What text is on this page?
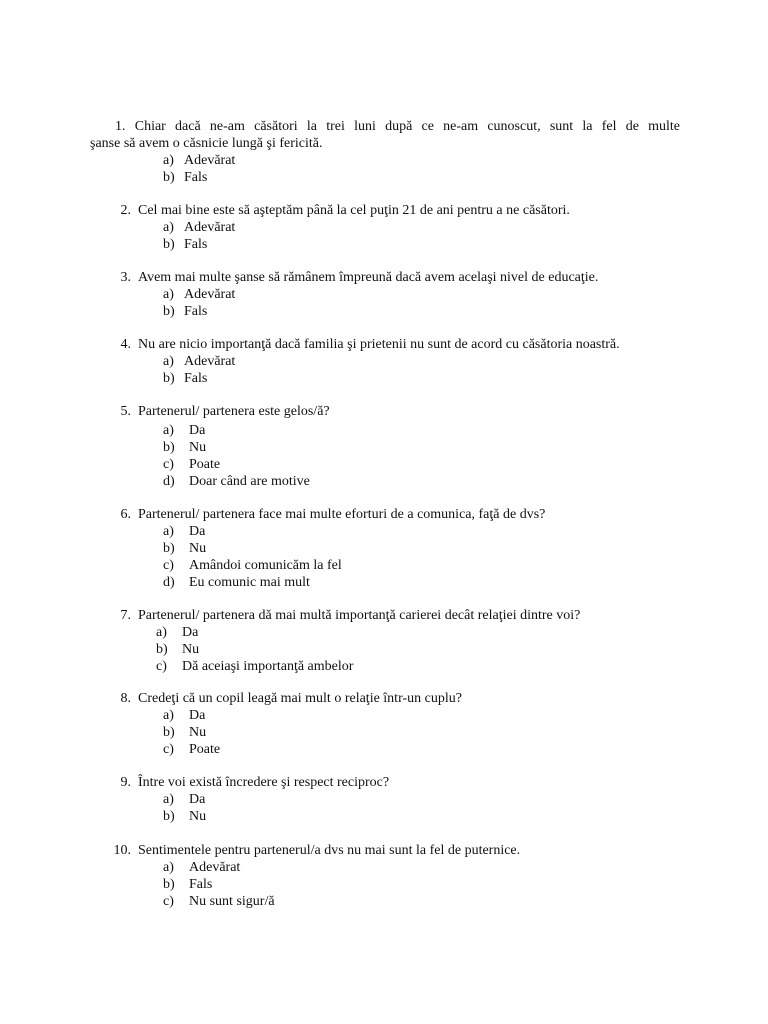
1. Chiar dacă ne-am căsători la trei luni după ce ne-am cunoscut, sunt la fel de multe
şanse să avem o căsnicie lungă şi fericită.
a) Adevărat
b) Fals
2. Cel mai bine este să aşteptăm până la cel puţin 21 de ani pentru a ne căsători.
a) Adevărat
b) Fals
3. Avem mai multe şanse să rămânem împreună dacă avem acelaşi nivel de educaţie.
a) Adevărat
b) Fals
4. Nu are nicio importanţă dacă familia şi prietenii nu sunt de acord cu căsătoria noastră.
a) Adevărat
b) Fals
5. Partenerul/ partenera este gelos/ă?
a)	Da
b)	Nu
c)	Poate
d)	Doar când are motive
6. Partenerul/ partenera face mai multe eforturi de a comunica, faţă de dvs?
a)	Da
b)	Nu
c)	Amândoi comunicăm la fel
d)	Eu comunic mai mult
7. Partenerul/ partenera dă mai multă importanţă carierei decât relaţiei dintre voi?
a)	Da
b)	Nu
c)	Dă aceiaşi importanţă ambelor
8. Credeţi că un copil leagă mai mult o relaţie într-un cuplu?
a)	Da
b)	Nu
c)	Poate
9. Între voi există încredere şi respect reciproc?
a)	Da
b)	Nu
10. Sentimentele pentru partenerul/a dvs nu mai sunt la fel de puternice.
a)	Adevărat
b)	Fals
c)	Nu sunt sigur/ă
